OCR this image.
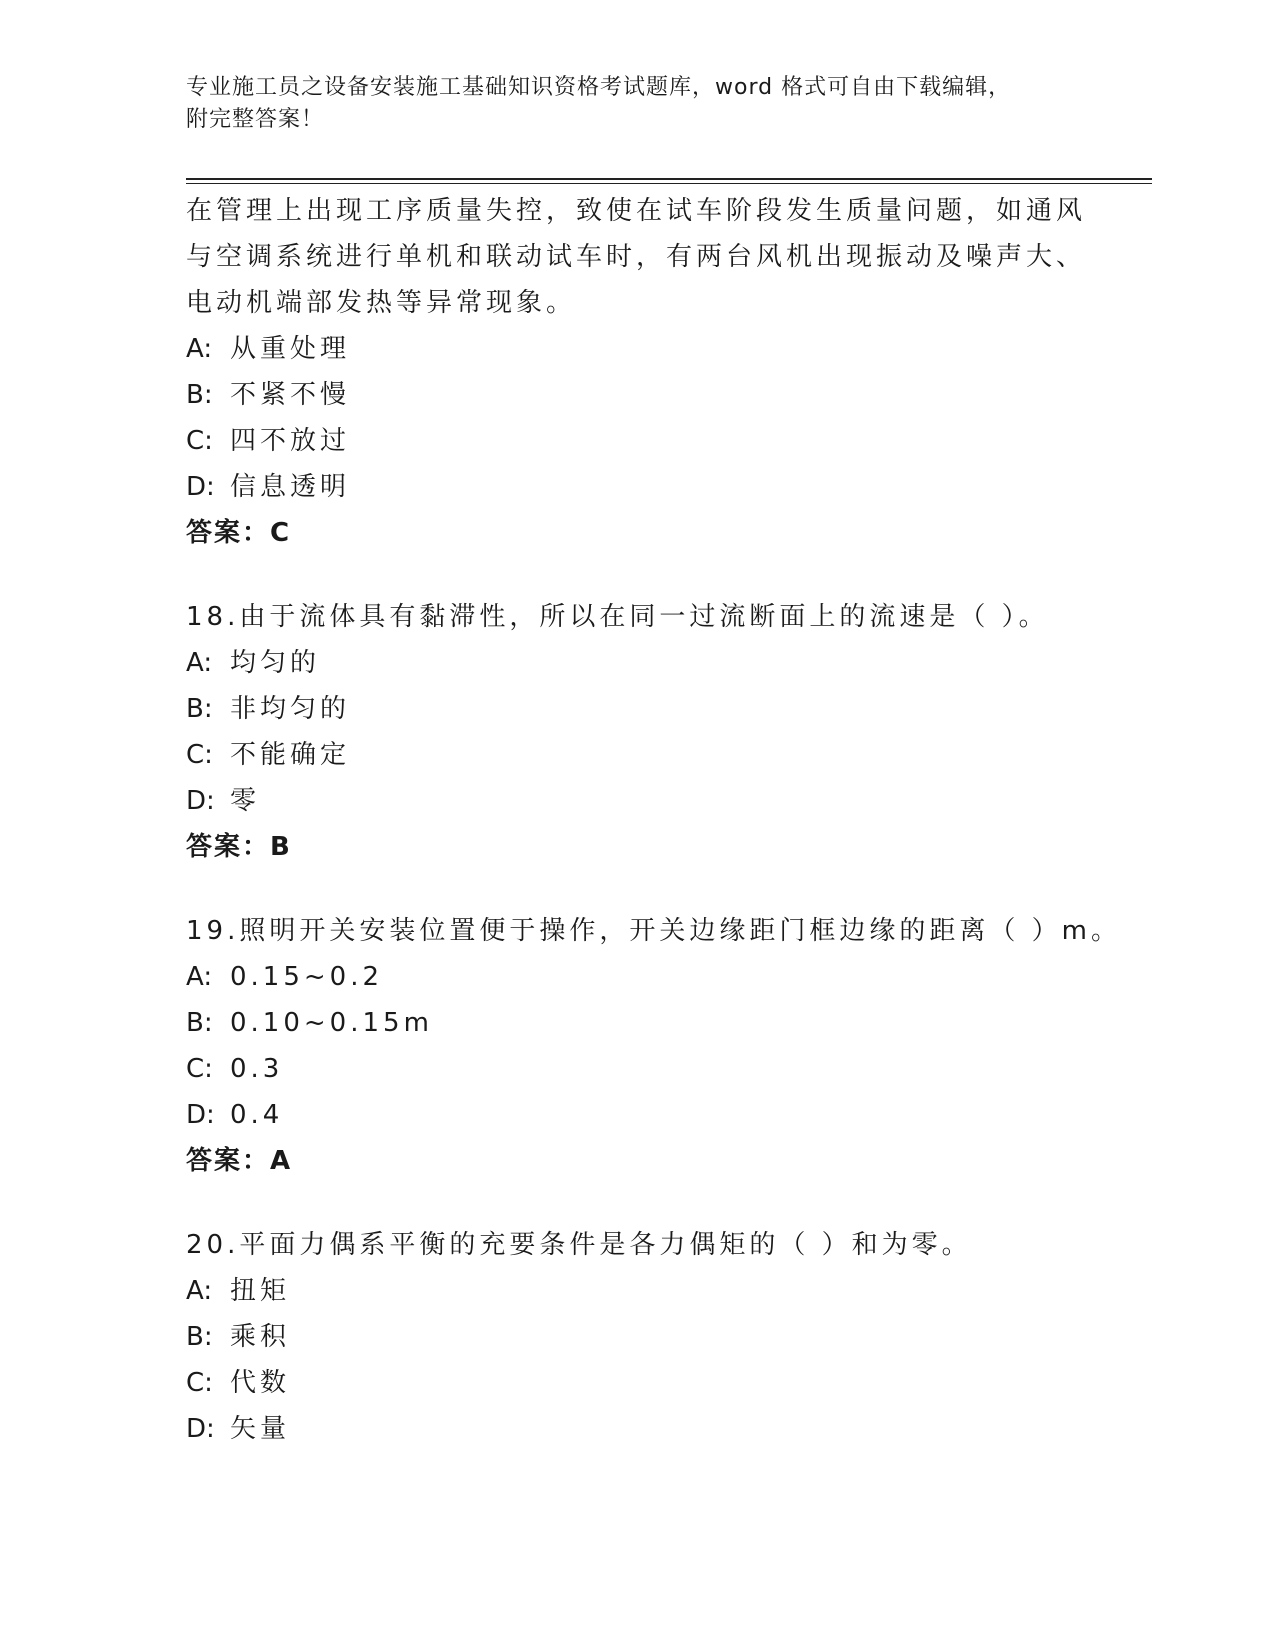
专业施工员之设备安装施工基础知识资格考试题库，word 格式可自由下载编辑，
附完整答案！
在管理上出现工序质量失控，致使在试车阶段发生质量问题，如通风
与空调系统进行单机和联动试车时，有两台风机出现振动及噪声大、
电动机端部发热等异常现象。
A: 从重处理
B: 不紧不慢
C: 四不放过
D: 信息透明
答案：C
18.由于流体具有黏滞性，所以在同一过流断面上的流速是（ ）。
A: 均匀的
B: 非均匀的
C: 不能确定
D: 零
答案：B
19.照明开关安装位置便于操作，开关边缘距门框边缘的距离（ ）m。
A: 0.15~0.2
B: 0.10~0.15m
C: 0.3
D: 0.4
答案：A
20.平面力偶系平衡的充要条件是各力偶矩的（ ）和为零。
A: 扭矩
B: 乘积
C: 代数
D: 矢量
